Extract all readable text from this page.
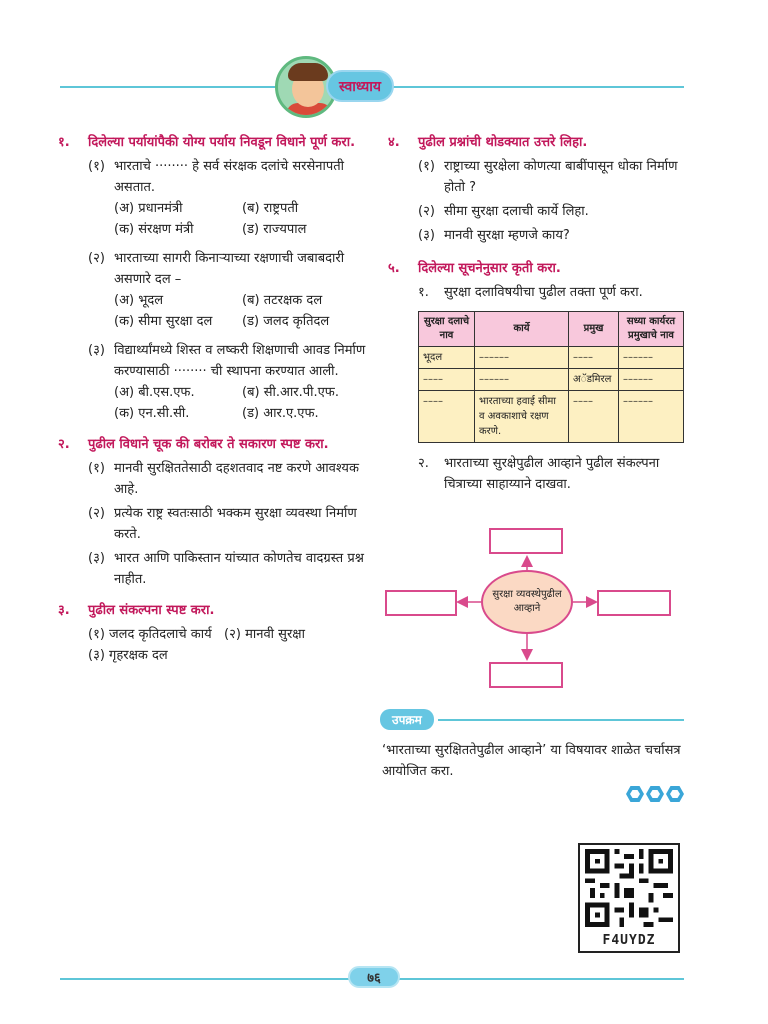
स्वाध्याय
१. दिलेल्या पर्यायांपैकी योग्य पर्याय निवडून विधाने पूर्ण करा.
(१) भारताचे ········ हे सर्व संरक्षक दलांचे सरसेनापती असतात.
(अ) प्रधानमंत्री	(ब) राष्ट्रपती
(क) संरक्षण मंत्री	(ड) राज्यपाल
(२) भारताच्या सागरी किनाऱ्याच्या रक्षणाची जबाबदारी असणारे दल –
(अ) भूदल	(ब) तटरक्षक दल
(क) सीमा सुरक्षा दल	(ड) जलद कृतिदल
(३) विद्यार्थ्यांमध्ये शिस्त व लष्करी शिक्षणाची आवड निर्माण करण्यासाठी ········ ची स्थापना करण्यात आली.
(अ) बी.एस.एफ.	(ब) सी.आर.पी.एफ.
(क) एन.सी.सी.	(ड) आर.ए.एफ.
२. पुढील विधाने चूक की बरोबर ते सकारण स्पष्ट करा.
(१) मानवी सुरक्षिततेसाठी दहशतवाद नष्ट करणे आवश्यक आहे.
(२) प्रत्येक राष्ट्र स्वतःसाठी भक्कम सुरक्षा व्यवस्था निर्माण करते.
(३) भारत आणि पाकिस्तान यांच्यात कोणतेच वादग्रस्त प्रश्न नाहीत.
३. पुढील संकल्पना स्पष्ट करा.
(१) जलद कृतिदलाचे कार्य   (२) मानवी सुरक्षा
(३) गृहरक्षक दल
४. पुढील प्रश्नांची थोडक्यात उत्तरे लिहा.
(१) राष्ट्राच्या सुरक्षेला कोणत्या बाबींपासून धोका निर्माण होतो ?
(२) सीमा सुरक्षा दलाची कार्ये लिहा.
(३) मानवी सुरक्षा म्हणजे काय?
५. दिलेल्या सूचनेनुसार कृती करा.
१. सुरक्षा दलाविषयीचा पुढील तक्ता पूर्ण करा.
सुरक्षा दलाचे नाव	कार्ये	प्रमुख	सध्या कार्यरत प्रमुखाचे नाव
भूदल	––––––	––––	––––––
––––	––––––	अॅडमिरल	––––––
––––	भारताच्या हवाई सीमा व अवकाशाचे रक्षण करणे.	––––	––––––
२. भारताच्या सुरक्षेपुढील आव्हाने पुढील संकल्पना चित्राच्या साहाय्याने दाखवा.
सुरक्षा व्यवस्थेपुढील आव्हाने
उपक्रम
‘भारताच्या सुरक्षिततेपुढील आव्हाने’ या विषयावर शाळेत चर्चासत्र आयोजित करा.
F4UYDZ
७६
